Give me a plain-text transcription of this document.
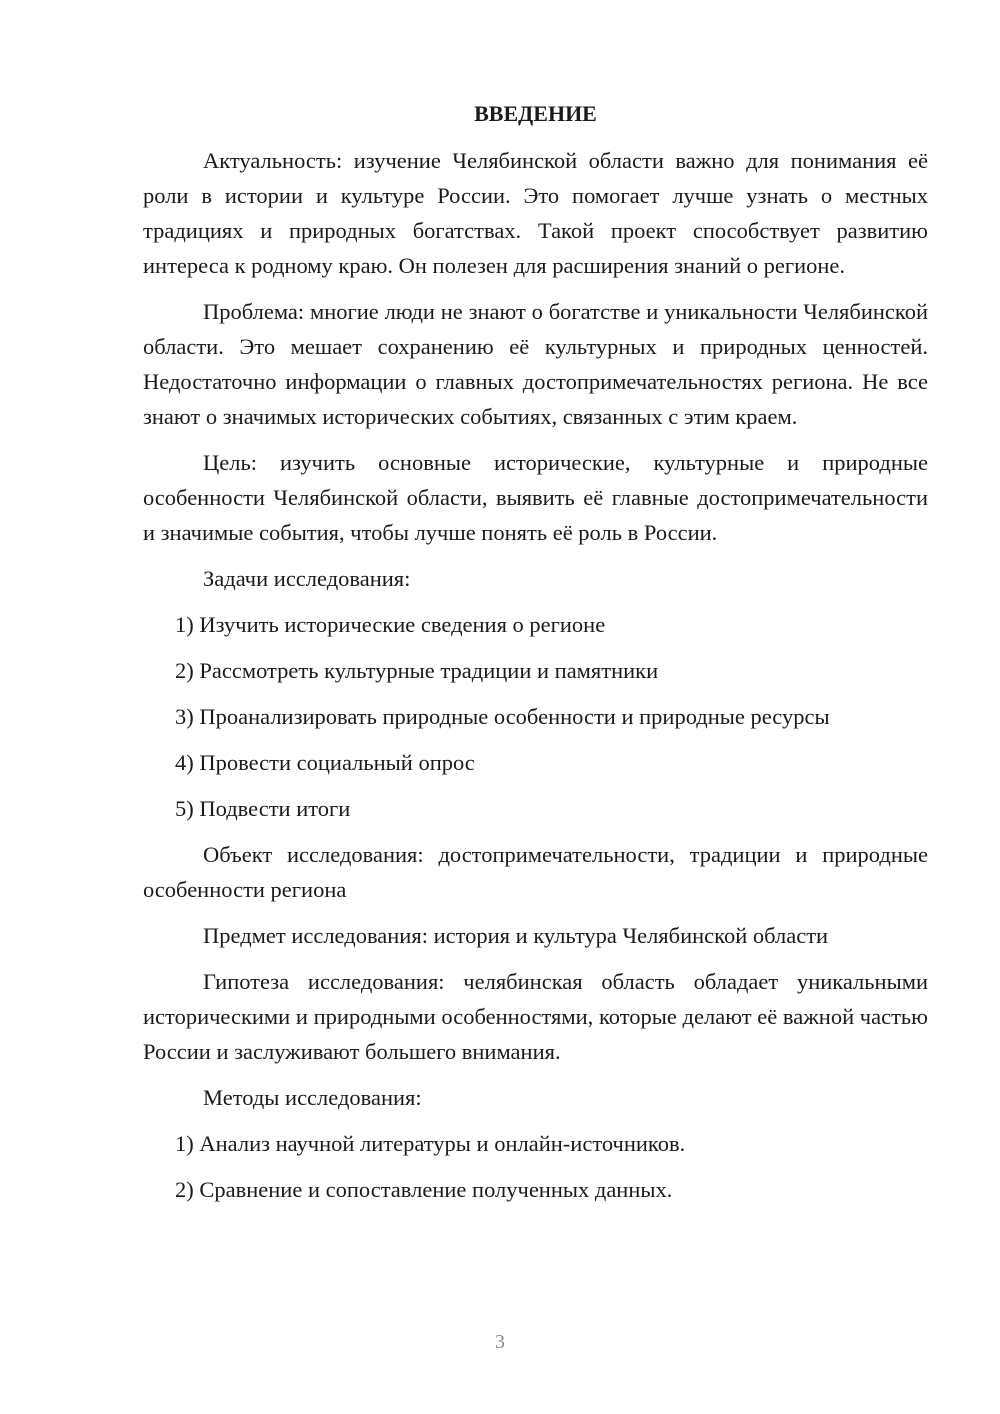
ВВЕДЕНИЕ

Актуальность: изучение Челябинской области важно для понимания её роли в истории и культуре России. Это помогает лучше узнать о местных традициях и природных богатствах. Такой проект способствует развитию интереса к родному краю. Он полезен для расширения знаний о регионе.

Проблема: многие люди не знают о богатстве и уникальности Челябинской области. Это мешает сохранению её культурных и природных ценностей. Недостаточно информации о главных достопримечательностях региона. Не все знают о значимых исторических событиях, связанных с этим краем.

Цель: изучить основные исторические, культурные и природные особенности Челябинской области, выявить её главные достопримечательности и значимые события, чтобы лучше понять её роль в России.

Задачи исследования:

1) Изучить исторические сведения о регионе

2) Рассмотреть культурные традиции и памятники

3) Проанализировать природные особенности и природные ресурсы

4) Провести социальный опрос

5) Подвести итоги

Объект исследования: достопримечательности, традиции и природные особенности региона

Предмет исследования: история и культура Челябинской области

Гипотеза исследования: челябинская область обладает уникальными историческими и природными особенностями, которые делают её важной частью России и заслуживают большего внимания.

Методы исследования:

1) Анализ научной литературы и онлайн-источников.

2) Сравнение и сопоставление полученных данных.

3
